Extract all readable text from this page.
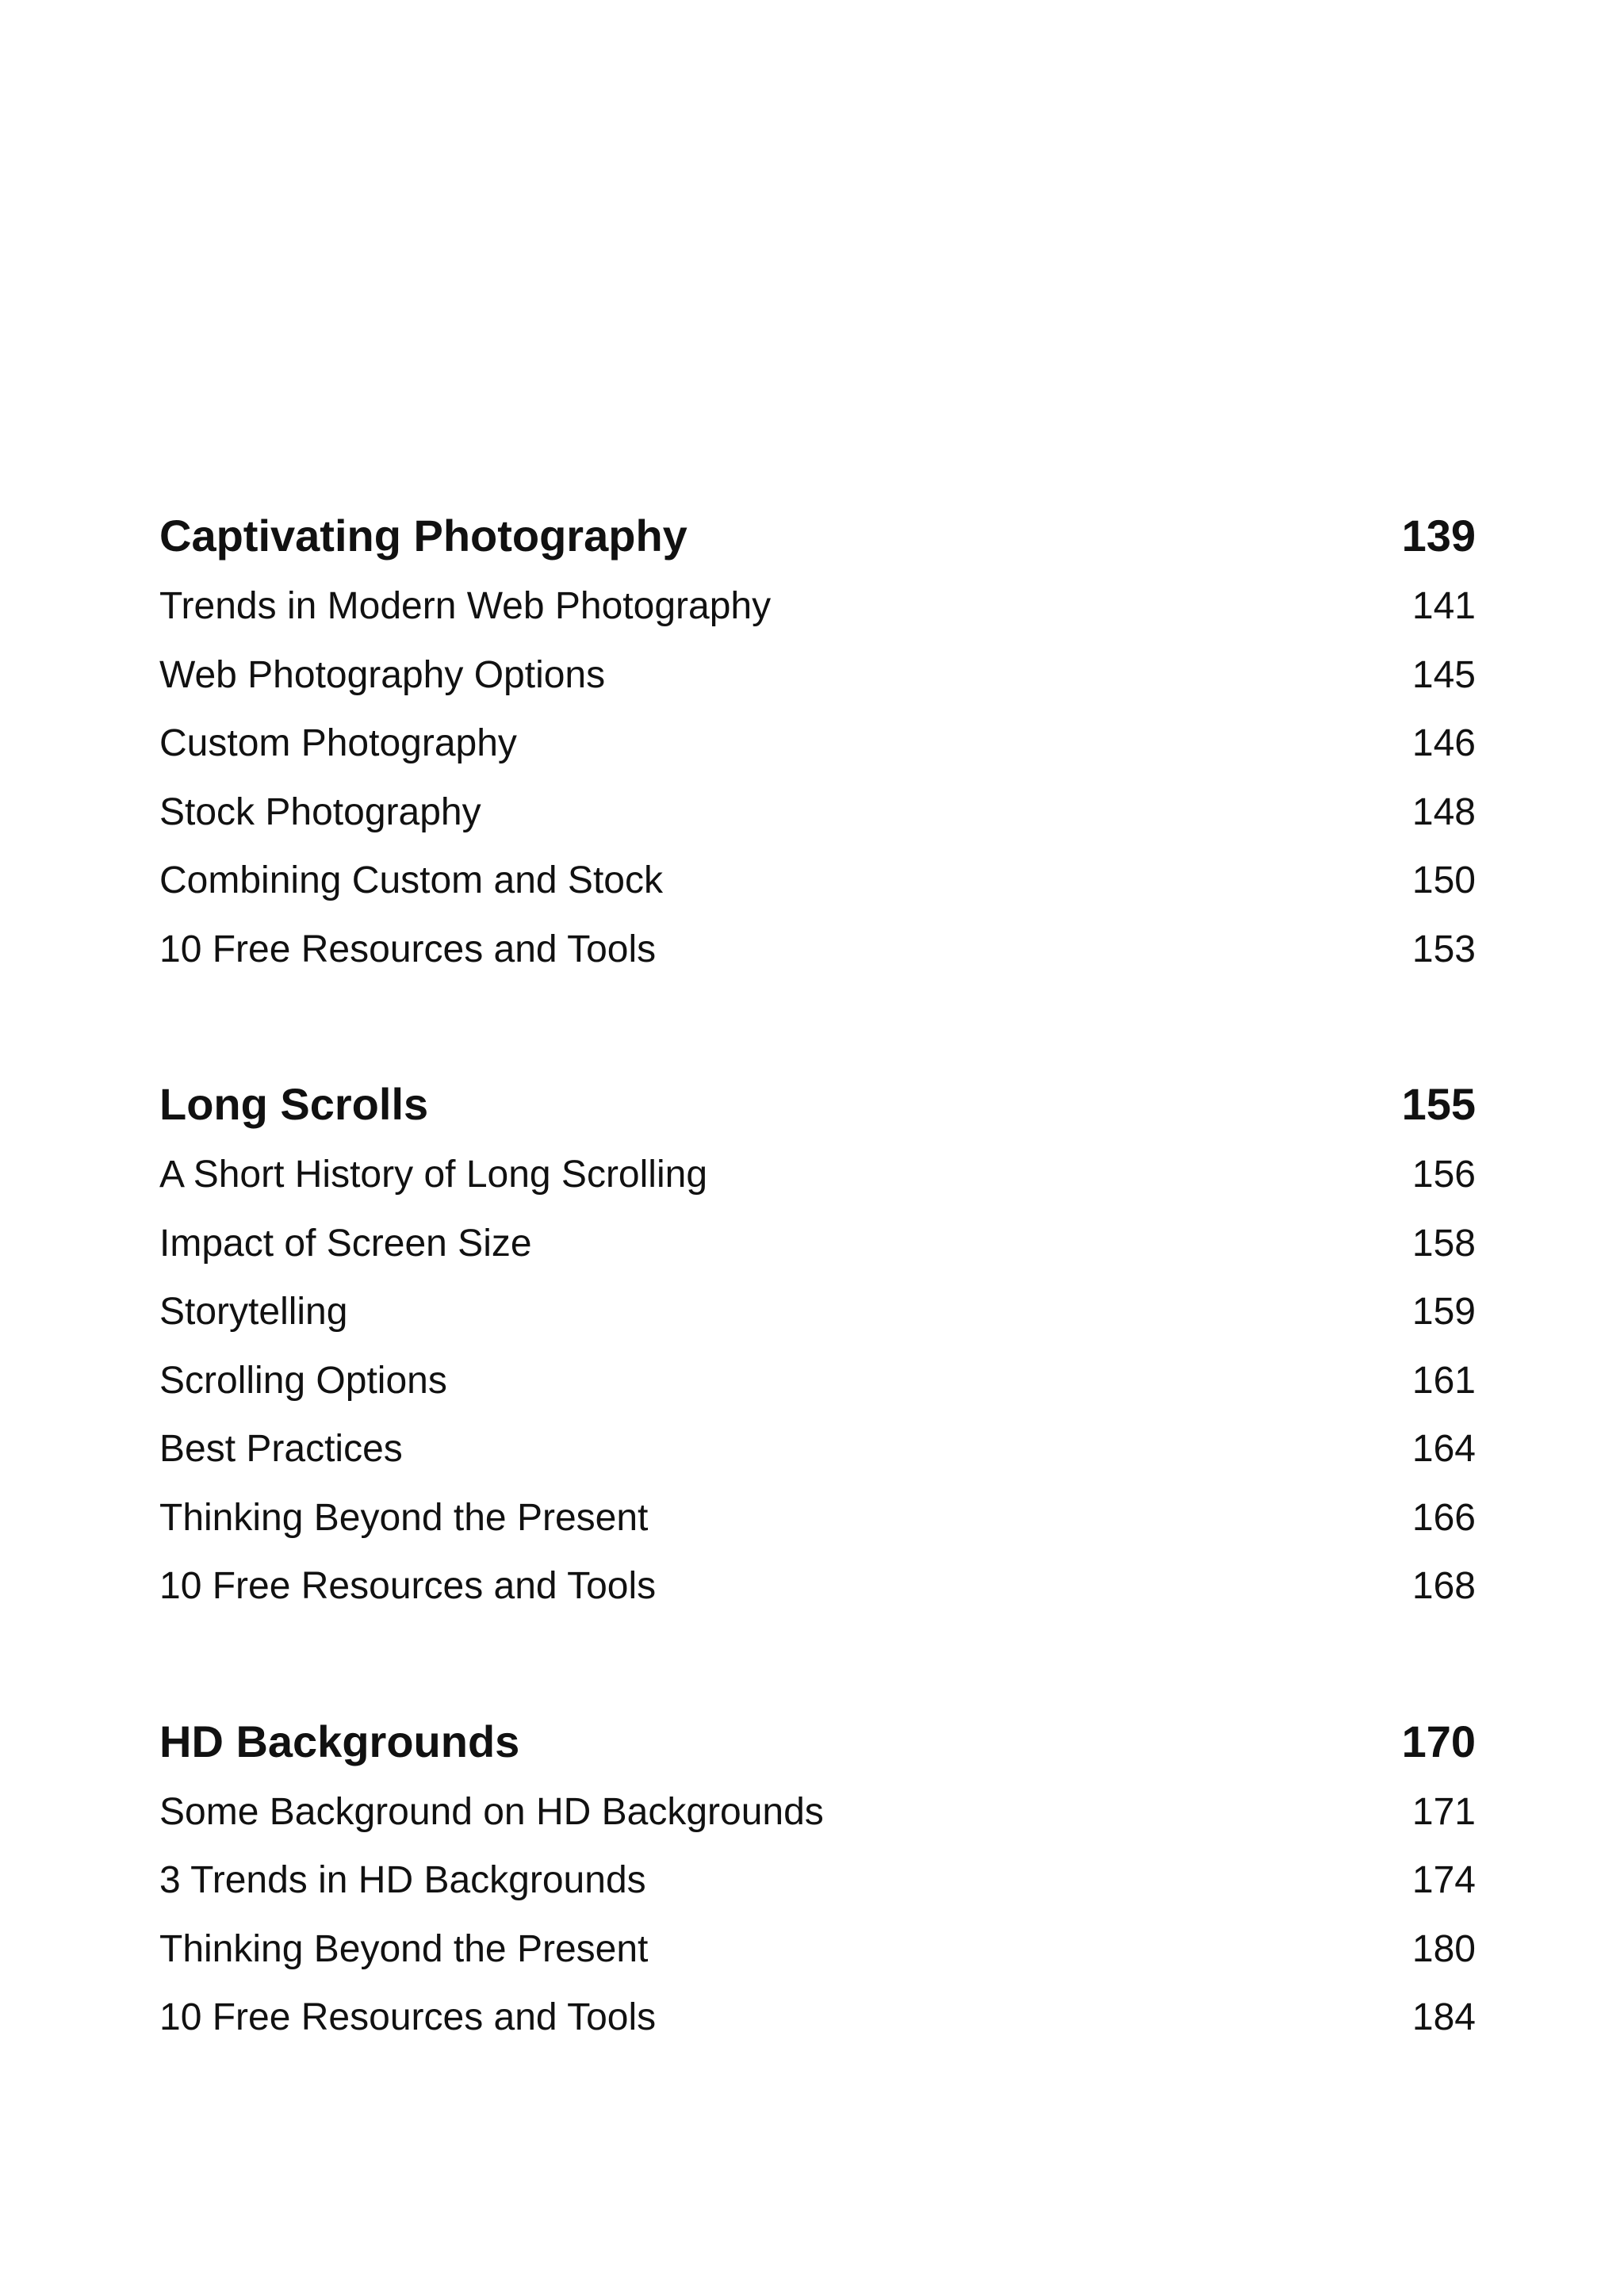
Captivating Photography	139
Trends in Modern Web Photography	141
Web Photography Options	145
Custom Photography	146
Stock Photography	148
Combining Custom and Stock	150
10 Free Resources and Tools	153
Long Scrolls	155
A Short History of Long Scrolling	156
Impact of Screen Size	158
Storytelling	159
Scrolling Options	161
Best Practices	164
Thinking Beyond the Present	166
10 Free Resources and Tools	168
HD Backgrounds	170
Some Background on HD Backgrounds	171
3 Trends in HD Backgrounds	174
Thinking Beyond the Present	180
10 Free Resources and Tools	184
